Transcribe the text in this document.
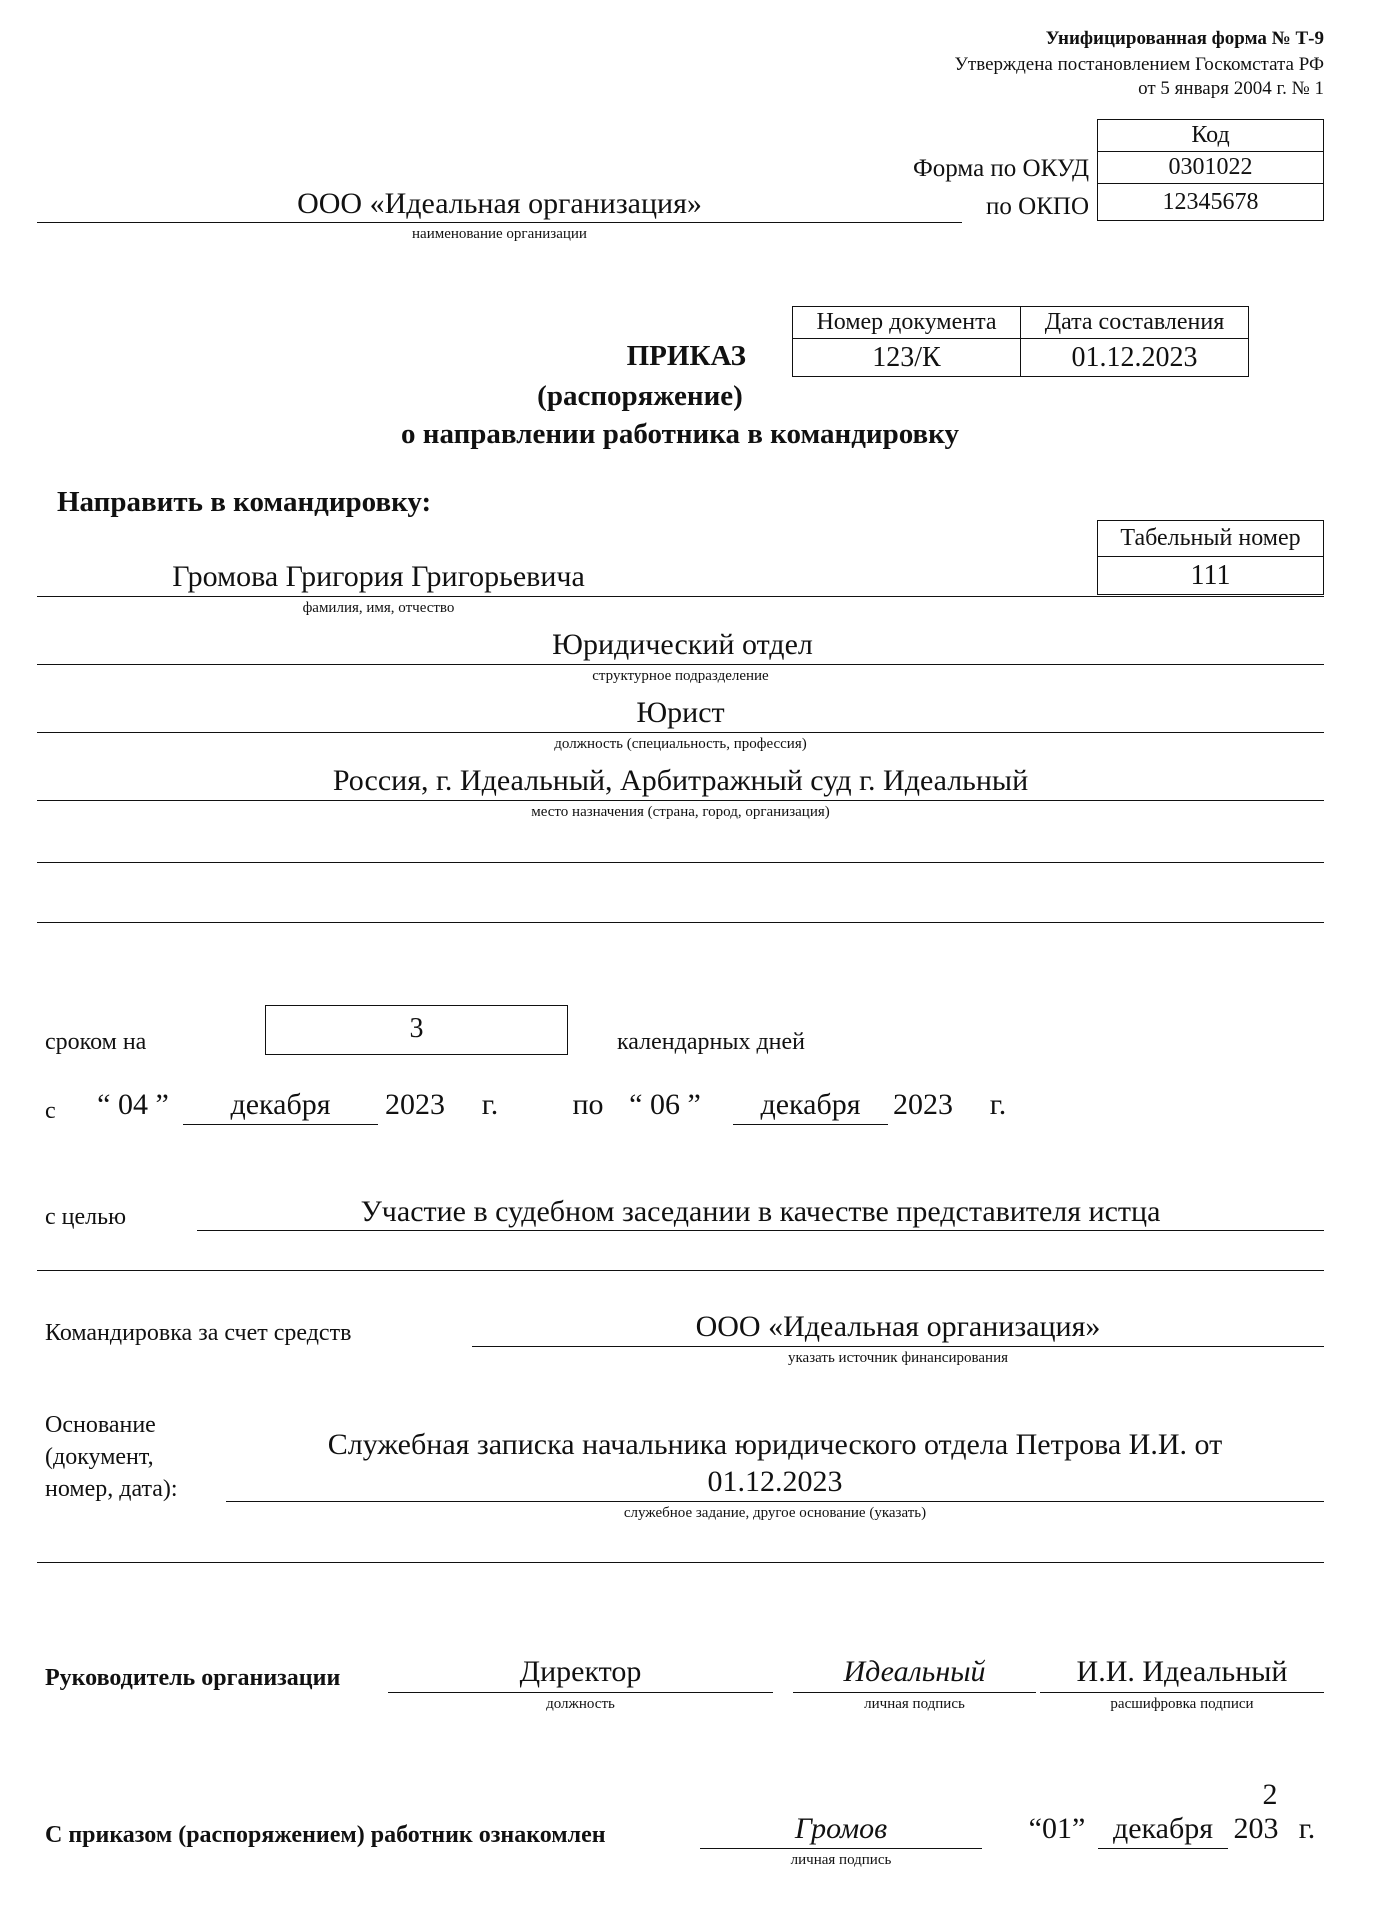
Унифицированная форма № Т-9
Утверждена постановлением Госкомстата РФ
от 5 января 2004 г. № 1
Код
0301022
12345678
Форма по ОКУД
по ОКПО
ООО «Идеальная организация»
наименование организации
Номер документа	Дата составления
123/К	01.12.2023
ПРИКАЗ
(распоряжение)
о направлении работника в командировку
Направить в командировку:
Табельный номер
111
Громова Григория Григорьевича
фамилия, имя, отчество
Юридический отдел
структурное подразделение
Юрист
должность (специальность, профессия)
Россия, г. Идеальный, Арбитражный суд г. Идеальный
место назначения (страна, город, организация)
сроком на	3	календарных дней
с	“ 04 ”	декабря	2023 г. по “ 06 ”	декабря	2023 г.
с целью	Участие в судебном заседании в качестве представителя истца
Командировка за счет средств	ООО «Идеальная организация»
указать источник финансирования
Основание
(документ,
номер, дата):
Служебная записка начальника юридического отдела Петрова И.И. от
01.12.2023
служебное задание, другое основание (указать)
Руководитель организации	Директор
должность
Идеальный
личная подпись
И.И. Идеальный
расшифровка подписи
2
С приказом (распоряжением) работник ознакомлен	Громов
личная подпись
“01” декабря 203 г.
